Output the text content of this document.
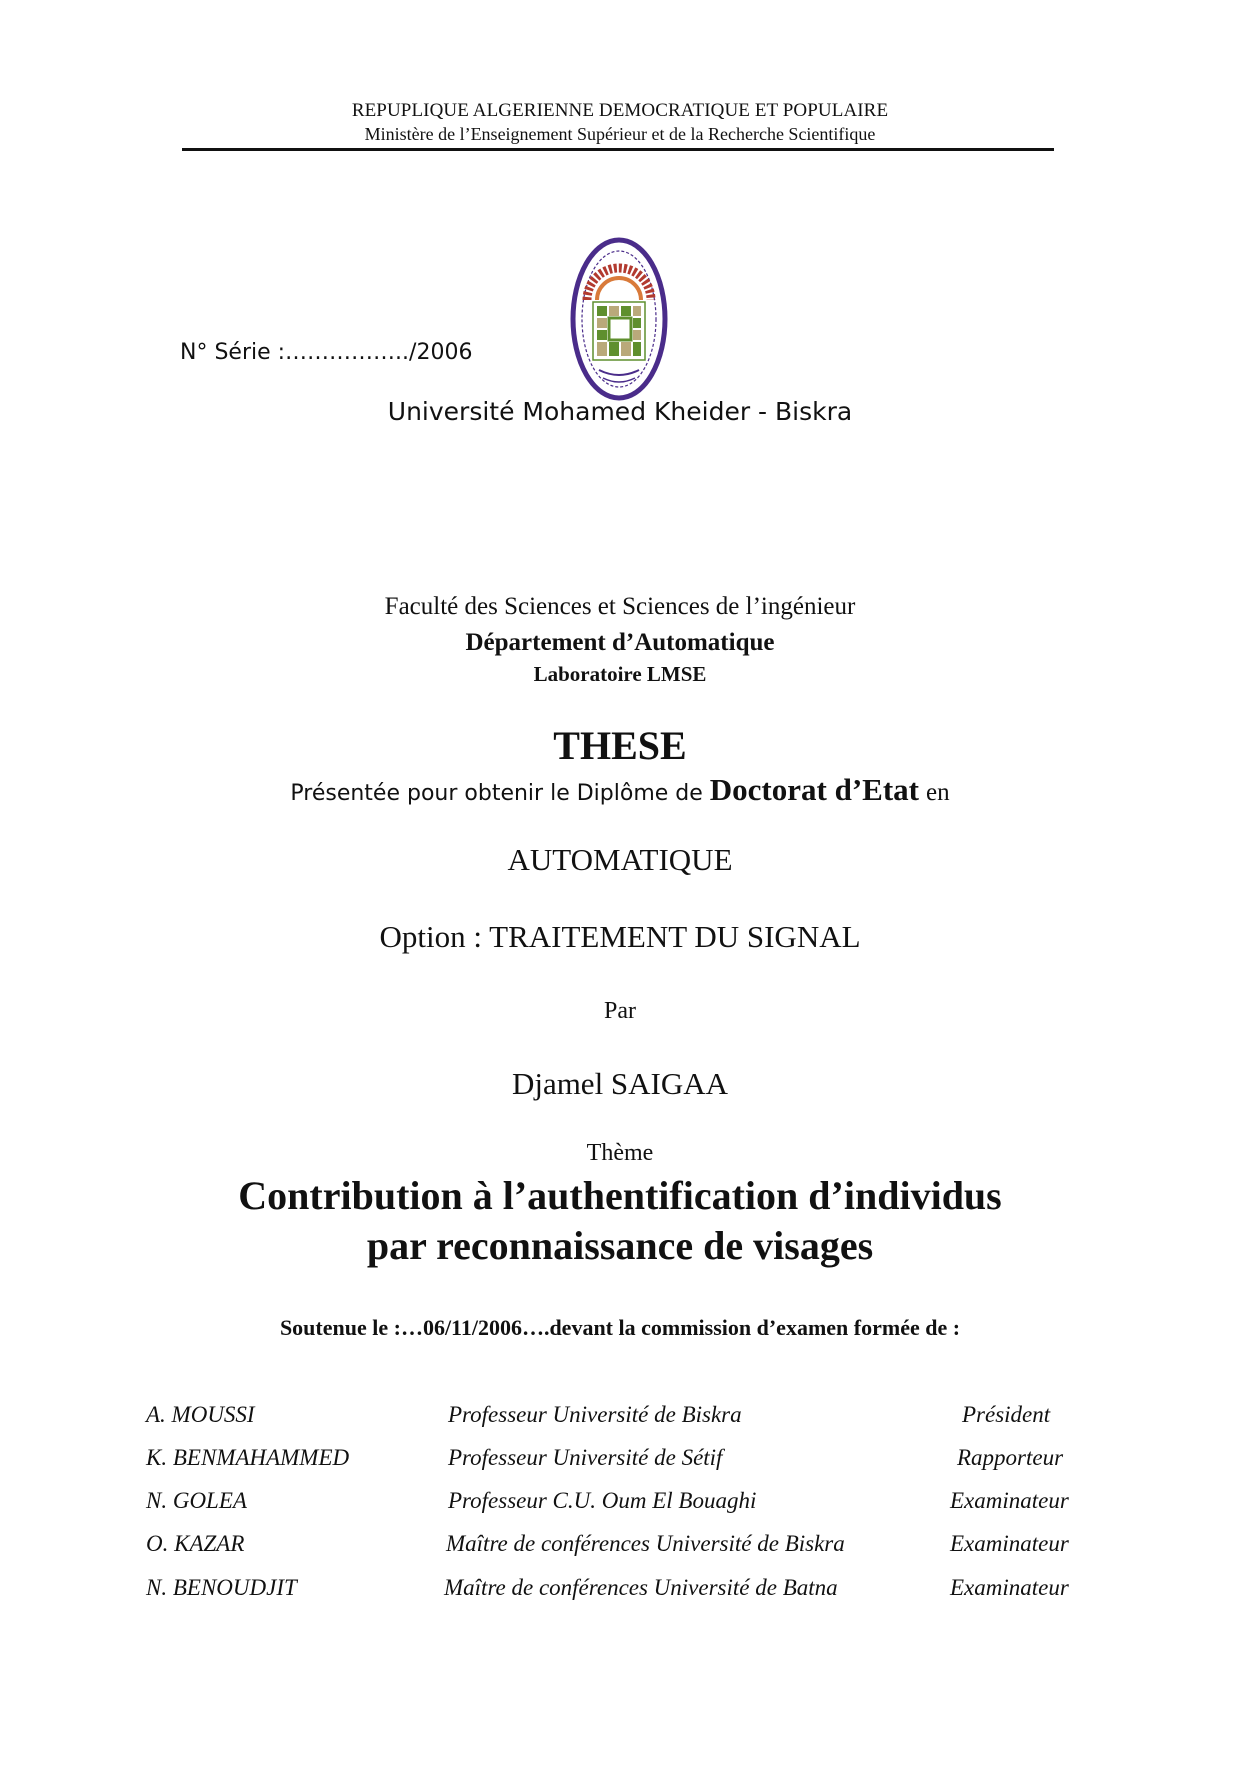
REPUPLIQUE ALGERIENNE DEMOCRATIQUE ET POPULAIRE
Ministère de l’Enseignement Supérieur et de la Recherche Scientifique
N° Série :……………../2006
Université Mohamed Kheider - Biskra
Faculté des Sciences et Sciences de l’ingénieur
Département d’Automatique
Laboratoire LMSE
THESE
Présentée pour obtenir le Diplôme de Doctorat d’Etat en
AUTOMATIQUE
Option : TRAITEMENT DU SIGNAL
Par
Djamel SAIGAA
Thème
Contribution à l’authentification d’individus
par reconnaissance de visages
Soutenue le :…06/11/2006….devant la commission d’examen formée de :
A. MOUSSI	Professeur Université de Biskra	Président
K. BENMAHAMMED	Professeur Université de Sétif	Rapporteur
N. GOLEA	Professeur C.U. Oum El Bouaghi	Examinateur
O. KAZAR	Maître de conférences Université de Biskra	Examinateur
N. BENOUDJIT	Maître de conférences Université de Batna	Examinateur
